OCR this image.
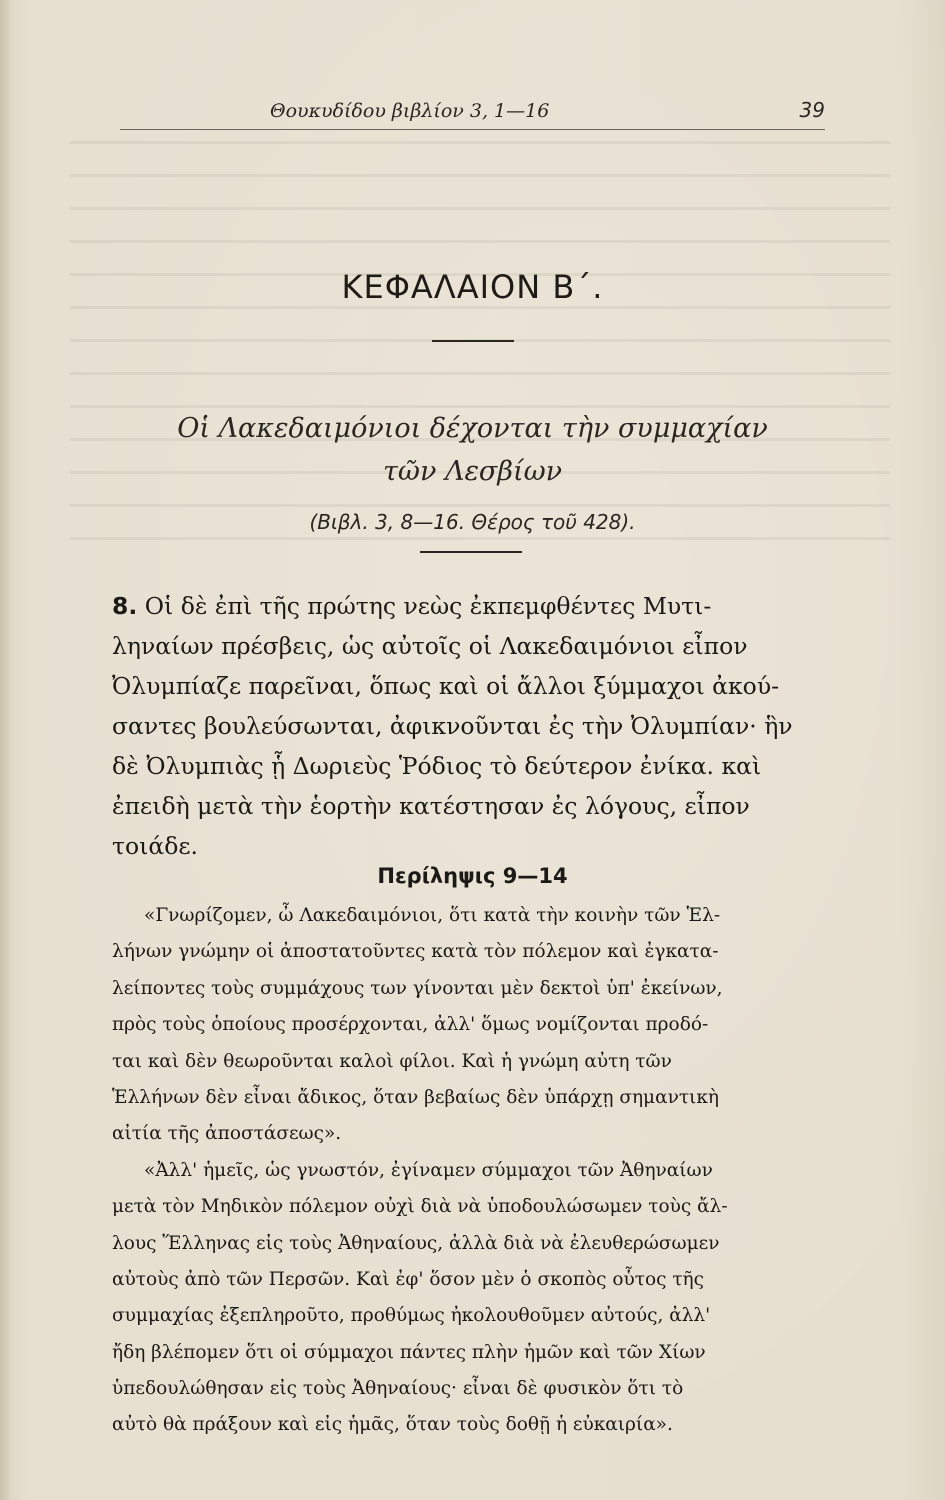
Θουκυδίδου βιβλίον 3, 1—16	39
ΚΕΦΑΛΑΙΟΝ Β΄.
Οἱ Λακεδαιμόνιοι δέχονται τὴν συμμαχίαν
τῶν Λεσβίων
(Βιβλ. 3, 8—16. Θέρος τοῦ 428).
8. Οἱ δὲ ἐπὶ τῆς πρώτης νεὼς ἐκπεμφθέντες Μυτι-
ληναίων πρέσβεις, ὡς αὐτοῖς οἱ Λακεδαιμόνιοι εἶπον
Ὀλυμπίαζε παρεῖναι, ὅπως καὶ οἱ ἄλλοι ξύμμαχοι ἀκού-
σαντες βουλεύσωνται, ἀφικνοῦνται ἐς τὴν Ὀλυμπίαν· ἣν
δὲ Ὀλυμπιὰς ᾗ Δωριεὺς Ῥόδιος τὸ δεύτερον ἐνίκα. καὶ
ἐπειδὴ μετὰ τὴν ἑορτὴν κατέστησαν ἐς λόγους, εἶπον
τοιάδε.
Περίληψις 9—14
«Γνωρίζομεν, ὦ Λακεδαιμόνιοι, ὅτι κατὰ τὴν κοινὴν τῶν Ἑλ-
λήνων γνώμην οἱ ἀποστατοῦντες κατὰ τὸν πόλεμον καὶ ἐγκατα-
λείποντες τοὺς συμμάχους των γίνονται μὲν δεκτοὶ ὑπ' ἐκείνων,
πρὸς τοὺς ὁποίους προσέρχονται, ἀλλ' ὅμως νομίζονται προδό-
ται καὶ δὲν θεωροῦνται καλοὶ φίλοι. Καὶ ἡ γνώμη αὐτη τῶν
Ἑλλήνων δὲν εἶναι ἄδικος, ὅταν βεβαίως δὲν ὑπάρχῃ σημαντικὴ
αἰτία τῆς ἀποστάσεως».
«Ἀλλ' ἡμεῖς, ὡς γνωστόν, ἐγίναμεν σύμμαχοι τῶν Ἀθηναίων
μετὰ τὸν Μηδικὸν πόλεμον οὐχὶ διὰ νὰ ὑποδουλώσωμεν τοὺς ἄλ-
λους Ἕλληνας εἰς τοὺς Ἀθηναίους, ἀλλὰ διὰ νὰ ἐλευθερώσωμεν
αὐτοὺς ἀπὸ τῶν Περσῶν. Καὶ ἐφ' ὅσον μὲν ὁ σκοπὸς οὗτος τῆς
συμμαχίας ἐξεπληροῦτο, προθύμως ἠκολουθοῦμεν αὐτούς, ἀλλ'
ἤδη βλέπομεν ὅτι οἱ σύμμαχοι πάντες πλὴν ἡμῶν καὶ τῶν Χίων
ὑπεδουλώθησαν εἰς τοὺς Ἀθηναίους· εἶναι δὲ φυσικὸν ὅτι τὸ
αὐτὸ θὰ πράξουν καὶ εἰς ἡμᾶς, ὅταν τοὺς δοθῇ ἡ εὐκαιρία».
